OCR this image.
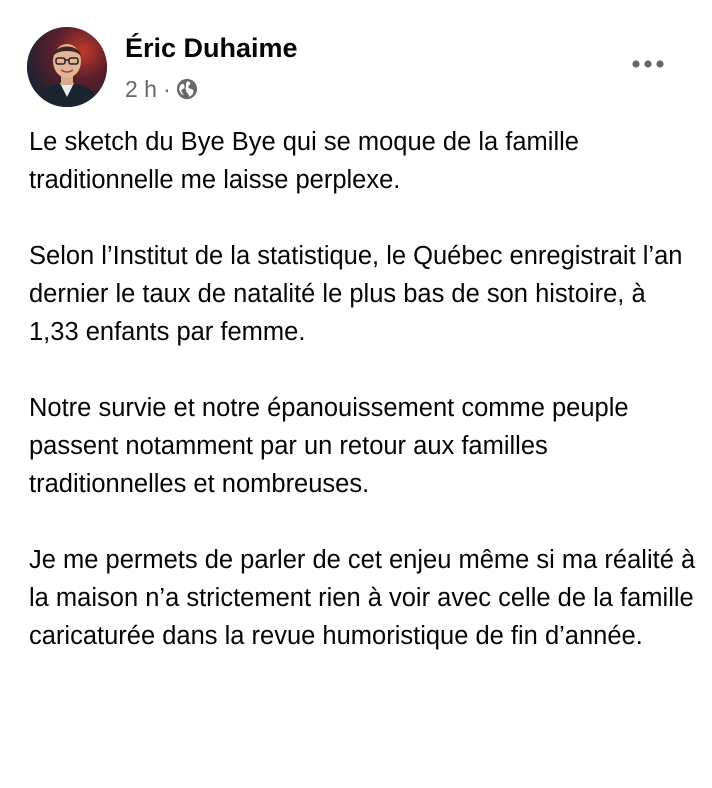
Éric Duhaime
2 h ·

Le sketch du Bye Bye qui se moque de la famille traditionnelle me laisse perplexe.

Selon l’Institut de la statistique, le Québec enregistrait l’an dernier le taux de natalité le plus bas de son histoire, à 1,33 enfants par femme.

Notre survie et notre épanouissement comme peuple passent notamment par un retour aux familles traditionnelles et nombreuses.

Je me permets de parler de cet enjeu même si ma réalité à la maison n’a strictement rien à voir avec celle de la famille caricaturée dans la revue humoristique de fin d’année.
